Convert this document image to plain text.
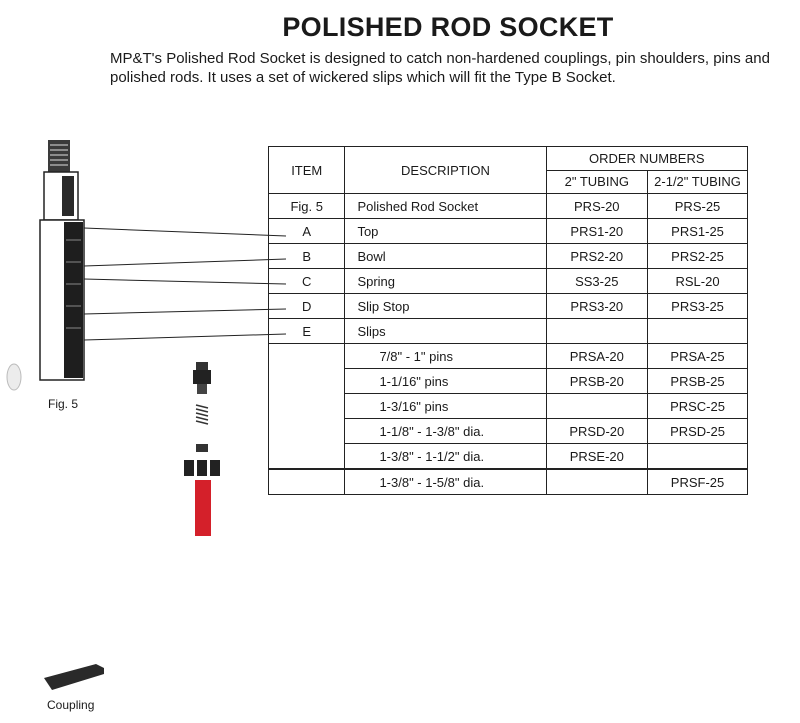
POLISHED ROD SOCKET

MP&T's Polished Rod Socket is designed to catch non-hardened couplings, pin shoulders, pins and polished rods. It uses a set of wickered slips which will fit the Type B Socket.

Fig. 5
Coupling
ITEM	DESCRIPTION	ORDER NUMBERS	
		2" TUBING	2-1/2" TUBING
Fig. 5	Polished Rod Socket	PRS-20	PRS-25
A	Top	PRS1-20	PRS1-25
B	Bowl	PRS2-20	PRS2-25
C	Spring	SS3-25	RSL-20
D	Slip Stop	PRS3-20	PRS3-25
E	Slips		
	7/8" - 1" pins	PRSA-20	PRSA-25
	1-1/16" pins	PRSB-20	PRSB-25
	1-3/16" pins		PRSC-25
	1-1/8" - 1-3/8" dia.	PRSD-20	PRSD-25
	1-3/8" - 1-1/2" dia.	PRSE-20	
	1-3/8" - 1-5/8" dia.		PRSF-25
